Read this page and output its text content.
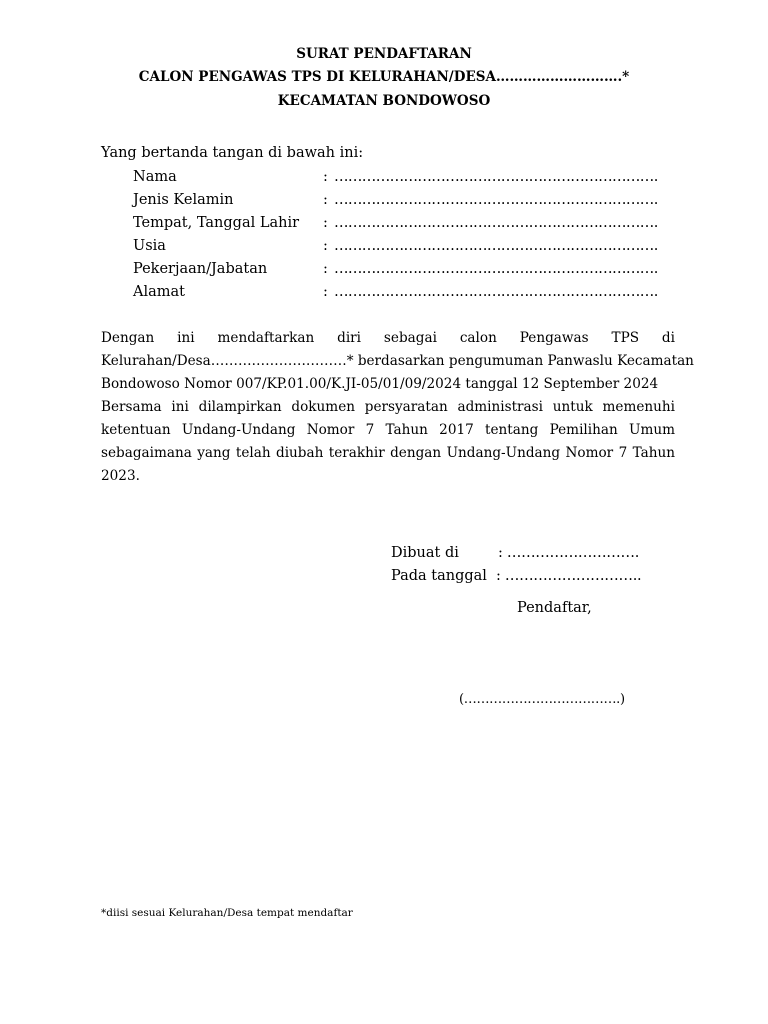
SURAT PENDAFTARAN
CALON PENGAWAS TPS DI KELURAHAN/DESA……………………….*
KECAMATAN BONDOWOSO
Yang bertanda tangan di bawah ini:
Nama	: …………………………………………………………….
Jenis Kelamin	: …………………………………………………………….
Tempat, Tanggal Lahir : …………………………………………………………….
Usia	: …………………………………………………………….
Pekerjaan/Jabatan	: …………………………………………………………….
Alamat	: …………………………………………………………….
Dengan ini mendaftarkan diri sebagai calon Pengawas TPS di
Kelurahan/Desa…………………………* berdasarkan pengumuman Panwaslu Kecamatan
Bondowoso Nomor 007/KP.01.00/K.JI-05/01/09/2024 tanggal 12 September 2024
Bersama ini dilampirkan dokumen persyaratan administrasi untuk memenuhi
ketentuan Undang-Undang Nomor 7 Tahun 2017 tentang Pemilihan Umum
sebagaimana yang telah diubah terakhir dengan Undang-Undang Nomor 7 Tahun
2023.
Dibuat di	: ……………………….
Pada tanggal : ………………………..
Pendaftar,
(……………………………….)
*diisi sesuai Kelurahan/Desa tempat mendaftar
